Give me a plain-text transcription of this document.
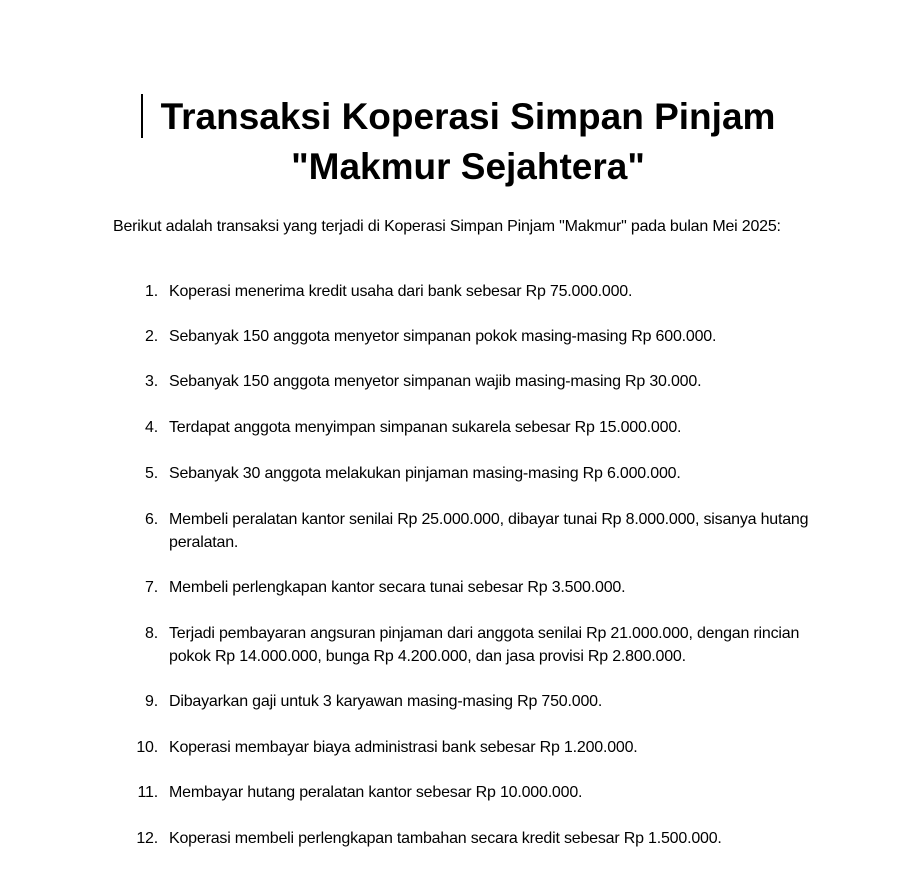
Transaksi Koperasi Simpan Pinjam "Makmur Sejahtera"

Berikut adalah transaksi yang terjadi di Koperasi Simpan Pinjam "Makmur" pada bulan Mei 2025:

1. Koperasi menerima kredit usaha dari bank sebesar Rp 75.000.000.
2. Sebanyak 150 anggota menyetor simpanan pokok masing-masing Rp 600.000.
3. Sebanyak 150 anggota menyetor simpanan wajib masing-masing Rp 30.000.
4. Terdapat anggota menyimpan simpanan sukarela sebesar Rp 15.000.000.
5. Sebanyak 30 anggota melakukan pinjaman masing-masing Rp 6.000.000.
6. Membeli peralatan kantor senilai Rp 25.000.000, dibayar tunai Rp 8.000.000, sisanya hutang peralatan.
7. Membeli perlengkapan kantor secara tunai sebesar Rp 3.500.000.
8. Terjadi pembayaran angsuran pinjaman dari anggota senilai Rp 21.000.000, dengan rincian pokok Rp 14.000.000, bunga Rp 4.200.000, dan jasa provisi Rp 2.800.000.
9. Dibayarkan gaji untuk 3 karyawan masing-masing Rp 750.000.
10. Koperasi membayar biaya administrasi bank sebesar Rp 1.200.000.
11. Membayar hutang peralatan kantor sebesar Rp 10.000.000.
12. Koperasi membeli perlengkapan tambahan secara kredit sebesar Rp 1.500.000.
